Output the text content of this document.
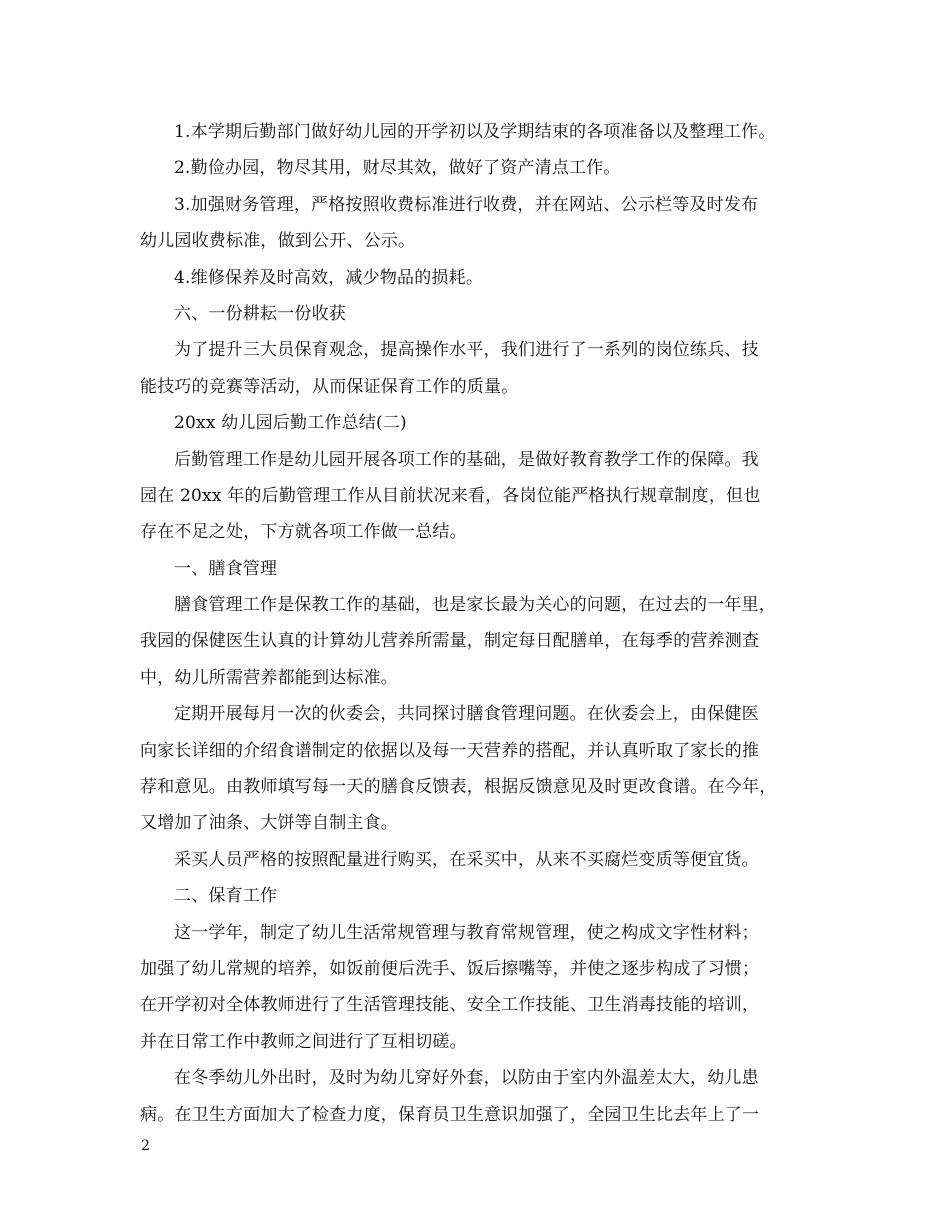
1.本学期后勤部门做好幼儿园的开学初以及学期结束的各项准备以及整理工作。
2.勤俭办园，物尽其用，财尽其效，做好了资产清点工作。
3.加强财务管理，严格按照收费标准进行收费，并在网站、公示栏等及时发布
幼儿园收费标准，做到公开、公示。
4.维修保养及时高效，减少物品的损耗。
六、一份耕耘一份收获
为了提升三大员保育观念，提高操作水平，我们进行了一系列的岗位练兵、技
能技巧的竞赛等活动，从而保证保育工作的质量。
20xx 幼儿园后勤工作总结(二)
后勤管理工作是幼儿园开展各项工作的基础，是做好教育教学工作的保障。我
园在 20xx 年的后勤管理工作从目前状况来看，各岗位能严格执行规章制度，但也
存在不足之处，下方就各项工作做一总结。
一、膳食管理
膳食管理工作是保教工作的基础，也是家长最为关心的问题，在过去的一年里，
我园的保健医生认真的计算幼儿营养所需量，制定每日配膳单，在每季的营养测查
中，幼儿所需营养都能到达标准。
定期开展每月一次的伙委会，共同探讨膳食管理问题。在伙委会上，由保健医
向家长详细的介绍食谱制定的依据以及每一天营养的搭配，并认真听取了家长的推
荐和意见。由教师填写每一天的膳食反馈表，根据反馈意见及时更改食谱。在今年，
又增加了油条、大饼等自制主食。
采买人员严格的按照配量进行购买，在采买中，从来不买腐烂变质等便宜货。
二、保育工作
这一学年，制定了幼儿生活常规管理与教育常规管理，使之构成文字性材料；
加强了幼儿常规的培养，如饭前便后洗手、饭后擦嘴等，并使之逐步构成了习惯；
在开学初对全体教师进行了生活管理技能、安全工作技能、卫生消毒技能的培训，
并在日常工作中教师之间进行了互相切磋。
在冬季幼儿外出时，及时为幼儿穿好外套，以防由于室内外温差太大，幼儿患
病。在卫生方面加大了检查力度，保育员卫生意识加强了，全园卫生比去年上了一
2
